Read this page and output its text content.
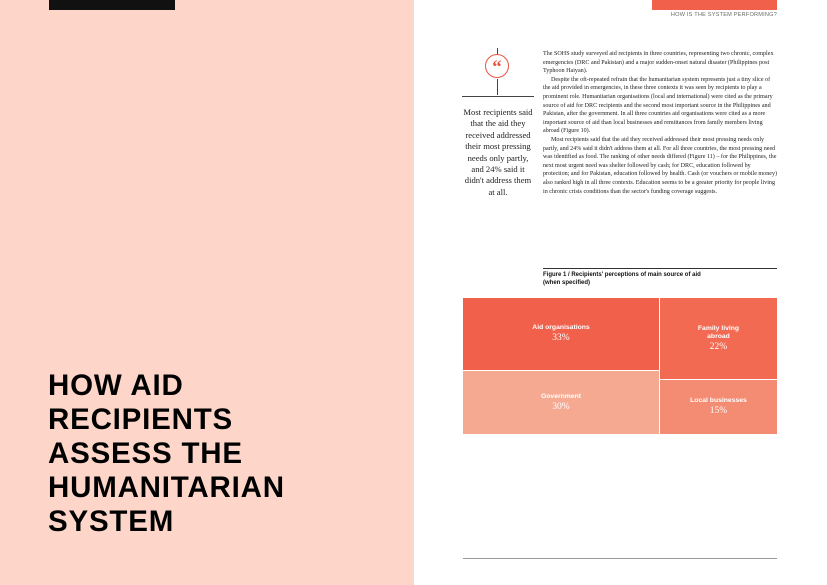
HOW AID
RECIPIENTS
ASSESS THE
HUMANITARIAN
SYSTEM
HOW IS THE SYSTEM PERFORMING?
“
Most recipients said that the aid they received addressed their most pressing needs only partly, and 24% said it didn't address them at all.

The SOHS study surveyed aid recipients in three countries, representing two chronic, complex emergencies (DRC and Pakistan) and a major sudden-onset natural disaster (Philippines post Typhoon Haiyan).

Despite the oft-repeated refrain that the humanitarian system represents just a tiny slice of the aid provided in emergencies, in these three contexts it was seen by recipients to play a prominent role. Humanitarian organisations (local and international) were cited as the primary source of aid for DRC recipients and the second most important source in the Philippines and Pakistan, after the government. In all three countries aid organisations were cited as a more important source of aid than local businesses and remittances from family members living abroad (Figure 10).

Most recipients said that the aid they received addressed their most pressing needs only partly, and 24% said it didn't address them at all. For all three countries, the most pressing need was identified as food. The ranking of other needs differed (Figure 11) – for the Philippines, the next most urgent need was shelter followed by cash; for DRC, education followed by protection; and for Pakistan, education followed by health. Cash (or vouchers or mobile money) also ranked high in all three contexts. Education seems to be a greater priority for people living in chronic crisis conditions than the sector's funding coverage suggests.

Figure 1 / Recipients' perceptions of main source of aid
(when specified)
Aid organisations
33%
Family living abroad
22%
Government
30%
Local businesses
15%
